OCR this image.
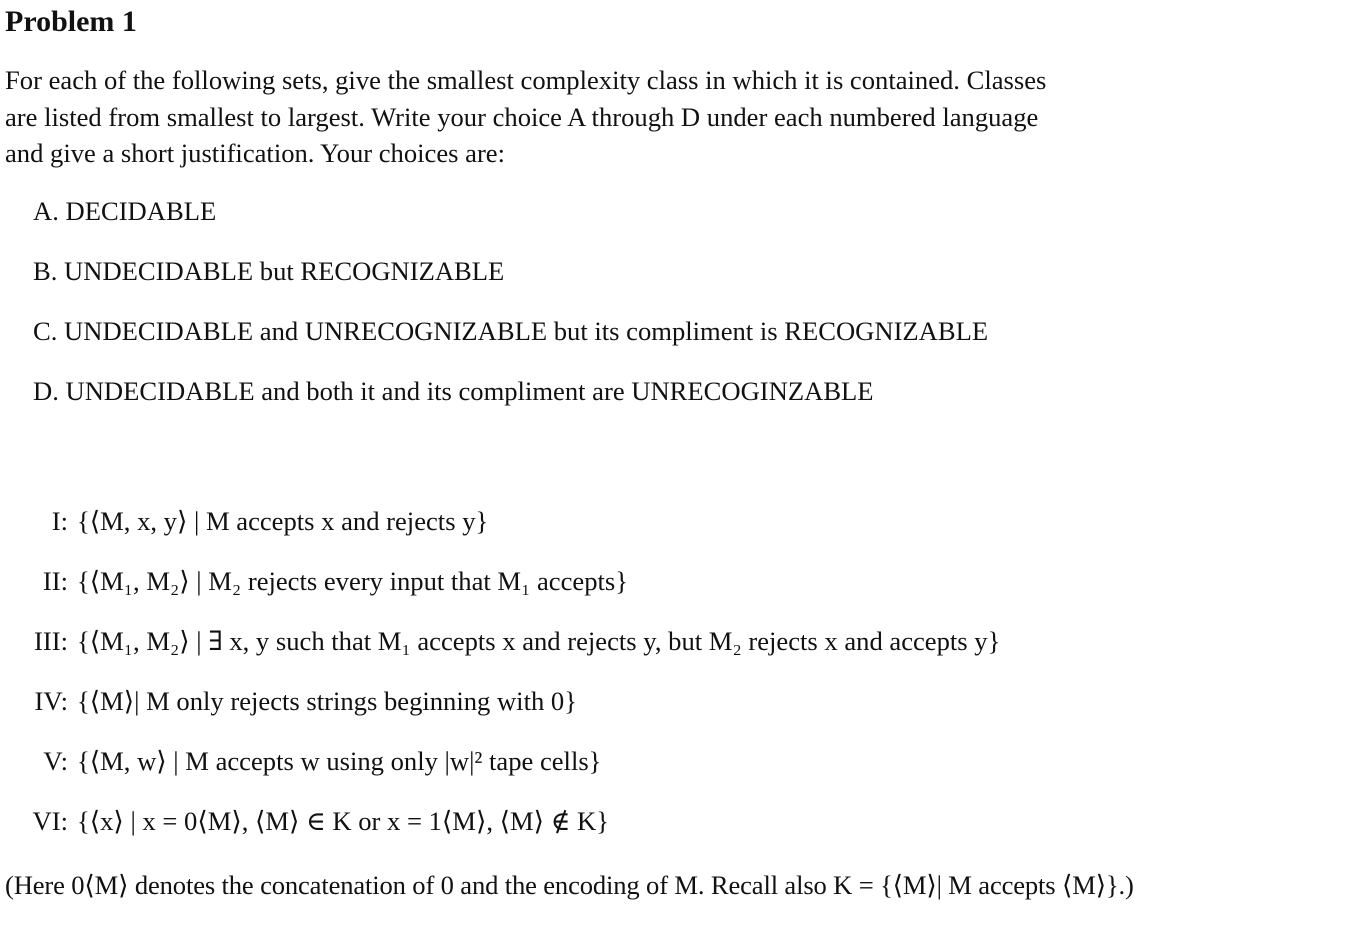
Problem 1
For each of the following sets, give the smallest complexity class in which it is contained. Classes
are listed from smallest to largest. Write your choice A through D under each numbered language
and give a short justification. Your choices are:
A. DECIDABLE
B. UNDECIDABLE but RECOGNIZABLE
C. UNDECIDABLE and UNRECOGNIZABLE but its compliment is RECOGNIZABLE
D. UNDECIDABLE and both it and its compliment are UNRECOGINZABLE
I: {⟨M, x, y⟩ | M accepts x and rejects y}
II: {⟨M₁, M₂⟩ | M₂ rejects every input that M₁ accepts}
III: {⟨M₁, M₂⟩ | ∃ x, y such that M₁ accepts x and rejects y, but M₂ rejects x and accepts y}
IV: {⟨M⟩| M only rejects strings beginning with 0}
V: {⟨M, w⟩ | M accepts w using only |w|² tape cells}
VI: {⟨x⟩ | x = 0⟨M⟩, ⟨M⟩ ∈ K or x = 1⟨M⟩, ⟨M⟩ ∉ K}
(Here 0⟨M⟩ denotes the concatenation of 0 and the encoding of M. Recall also K = {⟨M⟩| M accepts ⟨M⟩}.)
